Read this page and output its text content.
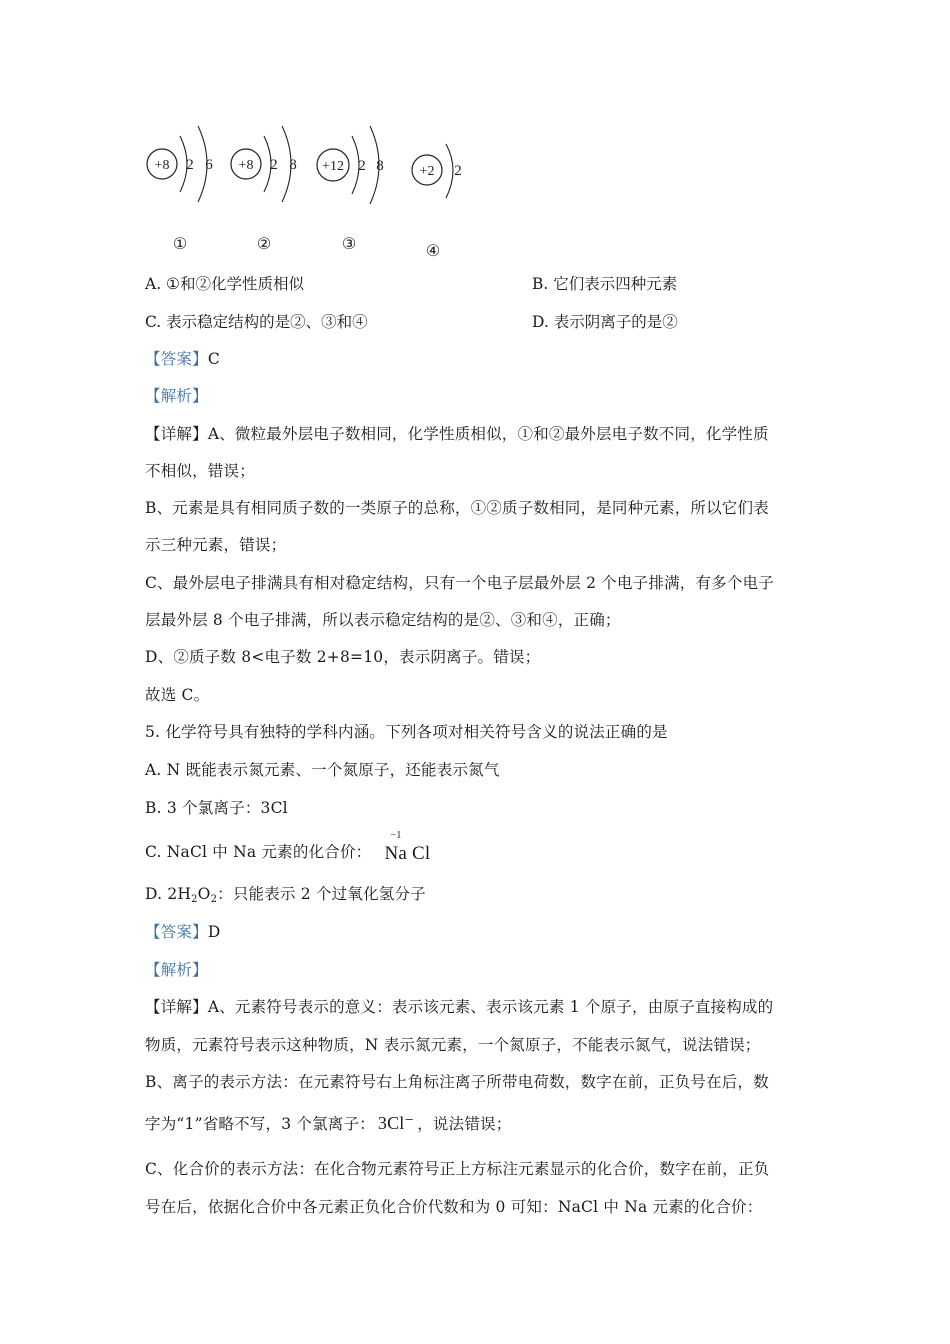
+8 2 6
①
+8 2 8
②
+12 2 8
③
+2 2
④
A. ①和②化学性质相似	B. 它们表示四种元素
C. 表示稳定结构的是②、③和④	D. 表示阴离子的是②
【答案】C
【解析】
【详解】A、微粒最外层电子数相同，化学性质相似，①和②最外层电子数不同，化学性质
不相似，错误；
B、元素是具有相同质子数的一类原子的总称，①②质子数相同，是同种元素，所以它们表
示三种元素，错误；
C、最外层电子排满具有相对稳定结构，只有一个电子层最外层 2 个电子排满，有多个电子
层最外层 8 个电子排满，所以表示稳定结构的是②、③和④，正确；
D、②质子数 8<电子数 2+8=10，表示阴离子。错误；
故选 C。
5. 化学符号具有独特的学科内涵。下列各项对相关符号含义的说法正确的是
A. N 既能表示氮元素、一个氮原子，还能表示氮气
B. 3 个氯离子：3Cl
C. NaCl 中 Na 元素的化合价：
−1
Na Cl
D. $2H_2O_2$：只能表示 2 个过氧化氢分子
【答案】D
【解析】
【详解】A、元素符号表示的意义：表示该元素、表示该元素 1 个原子，由原子直接构成的
物质，元素符号表示这种物质，N 表示氮元素，一个氮原子，不能表示氮气，说法错误；
B、离子的表示方法：在元素符号右上角标注离子所带电荷数，数字在前，正负号在后，数
字为“1”省略不写，3 个氯离子： 3Cl⁻ ，说法错误；
C、化合价的表示方法：在化合物元素符号正上方标注元素显示的化合价，数字在前，正负
号在后，依据化合价中各元素正负化合价代数和为 0 可知：NaCl 中 Na 元素的化合价：
